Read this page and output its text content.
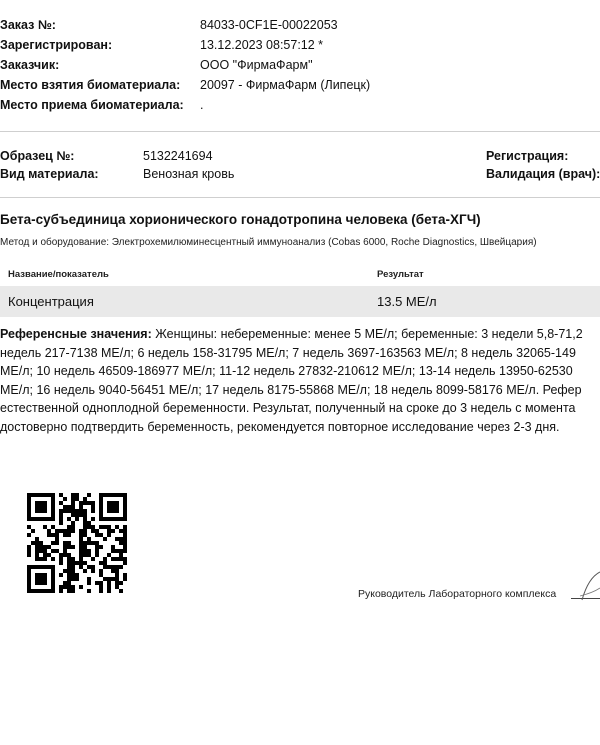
Заказ №:	84033-0CF1E-00022053
Зарегистрирован:	13.12.2023 08:57:12 *
Заказчик:	ООО "ФирмаФарм"
Место взятия биоматериала: 20097 - ФирмаФарм (Липецк)
Место приема биоматериала: .
Образец №:	5132241694	Регистрация:
Вид материала:	Венозная кровь	Валидация (врач):
Бета-субъединица хорионического гонадотропина человека (бета-ХГЧ)
Метод и оборудование: Электрохемилюминесцентный иммуноанализ (Cobas 6000, Roche Diagnostics, Швейцария)
Название/показатель	Результат
Концентрация	13.5 МЕ/л
Референсные значения: Женщины: небеременные: менее 5 МЕ/л; беременные: 3 недели 5,8-71,2
недель 217-7138 МЕ/л; 6 недель 158-31795 МЕ/л; 7 недель 3697-163563 МЕ/л; 8 недель 32065-149
МЕ/л; 10 недель 46509-186977 МЕ/л; 11-12 недель 27832-210612 МЕ/л; 13-14 недель 13950-62530
МЕ/л; 16 недель 9040-56451 МЕ/л; 17 недель 8175-55868 МЕ/л; 18 недель 8099-58176 МЕ/л. Рефер
естественной одноплодной беременности. Результат, полученный на сроке до 3 недель с момента
достоверно подтвердить беременность, рекомендуется повторное исследование через 2-3 дня.
Руководитель Лабораторного комплекса
